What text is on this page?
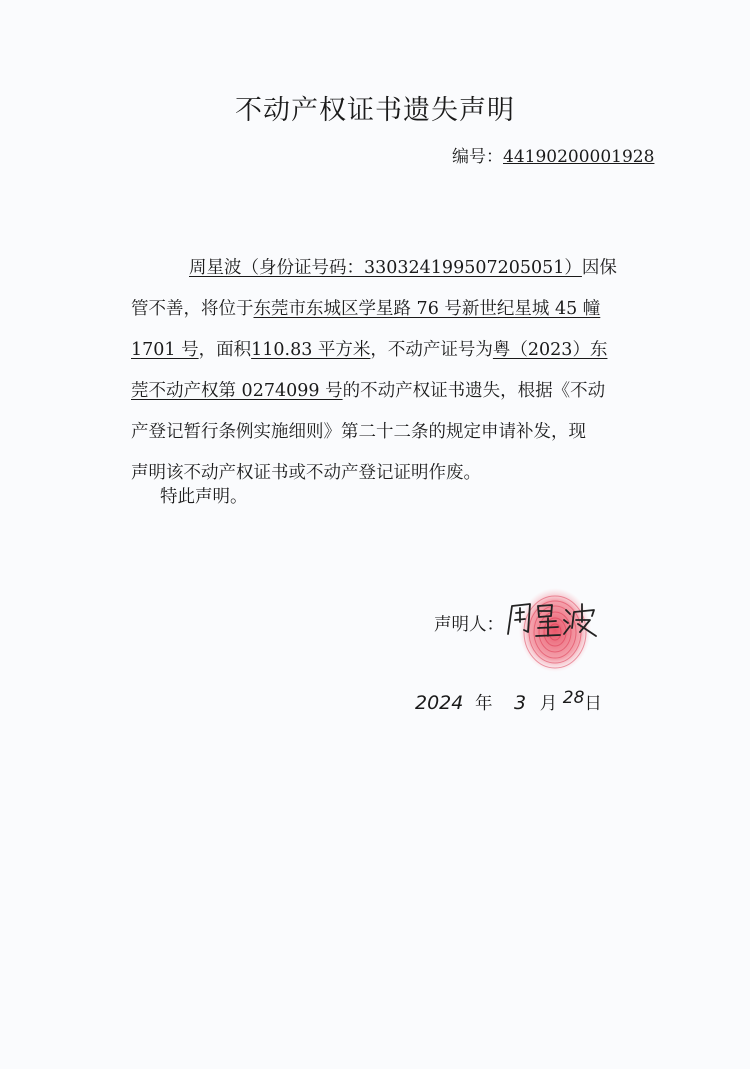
不动产权证书遗失声明
编号：44190200001928
周星波（身份证号码：330324199507205051）因保
管不善，将位于东莞市东城区学星路 76 号新世纪星城 45 幢
1701 号，面积110.83 平方米，不动产证号为粤（2023）东
莞不动产权第 0274099 号的不动产权证书遗失，根据《不动
产登记暂行条例实施细则》第二十二条的规定申请补发，现
声明该不动产权证书或不动产登记证明作废。
特此声明。
声明人：
2024 年 3 月 28日
